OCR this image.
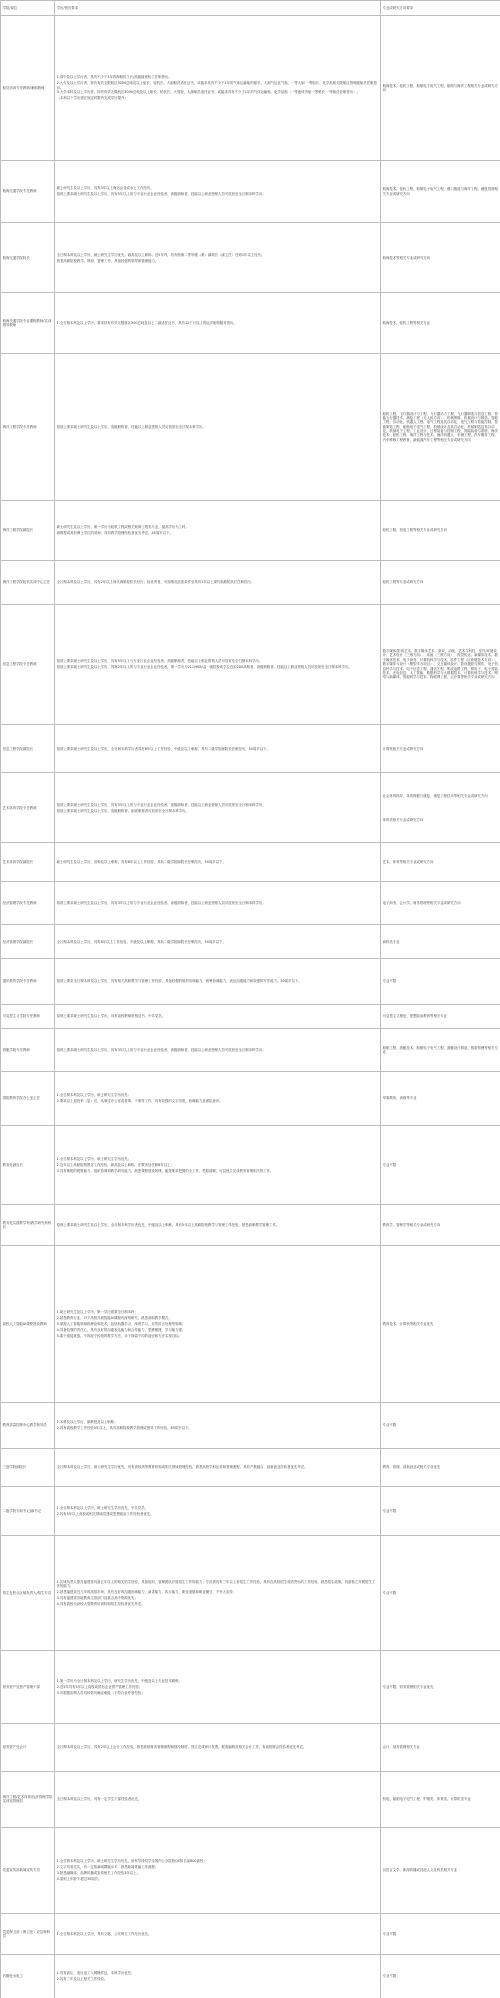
学院/岗位	学历/资历要求	专业或研究方向要求
船员培训专任教师/兼职教师	1.高中及以上学历者，具有不少于3年的海船机工长/高级值班机工任职资历。
2.大专及以上学历者，持有有效无限航区3000总吨及以上船长、轮机长、大副船员适任证书，或能求具有不少于1年的气体运输船的船长、大副气运化气船、一等大副 一等船长、化学品船无限航区管理级船员任职资历。
3.大学本科及以上学历者，持有有效无限航区3000总吨及以上船长、轮机长、大管轮，大副船员适任证书，或能求具有不少于1年的气体运输船，化学品船（一等液体货船一等船长 一等船员任职资历）。
（本科以下学历需在规定时限内完成学历提升）	航海技术、轮机工程、船舶电子电气工程、船舶与海洋工程相关专业或研究方向

航海交通学院专任教师	硕士研究生及以上学历，具有3年以上海运企业或水上工作经历。
原则上要求硕士研究生及以上学历，具有5年以上的与专业行业企业经验者、高级职称者，技能以上职业资格人员可放宽至全日制本科学历。	航海技术、轮机工程、船舶电子电气工程、港口航道与海岸工程、港航管理相关专业或研究方向

航海交通学院院长	全日制本科及以上学历、硕士研究生学历优先。副高及以上职称；近5年内，具有航海二等甲级（系）副职长（副主任）任职1年以上经历。
熟悉高职院校教学、科研、管理工作，具备较强的领导和管理能力。	航海技术等相关专业或研究方向

航海交通学院专业课程教师/实训指导教师	1.全日制本科及以上学历，要求持有有效无限航区500总吨及以上二副适任证书，具有12个月以上的远洋船舶服务资历。	航海技术、轮机工程等相关专业

海洋工程学院专任教师	原则上要求硕士研究生及以上学历，高级职称者、技能以上职业资格人员可放宽至全日制本科学历。	船机工程、飞行器设计与工程、飞行器动力工程、飞行器制造与信息工程、智能飞行器技术、测绘工程（无人机方向）、机械维修、机械设计与制造、智能工程、自动化、机器人工程、电气工程及其自动化、电气工程与智能控制、智能制造工程、船舶电子电气工程、机械设计及其自动化、机械制造及其自动化、机械电子工程、工业设计、过程装备与控制工程、智能装备与系统、海洋技术、轮机工程、海洋工程与技术、海洋机器人、车辆工程、汽车服务工程、汽车维修工程教育、新能源汽车工程等相关专业或研究方向

海洋工程学院副院长	硕士研究生及以上学历，第一学历为轮机工程或相关航海工程类专业，最高学历为工科。
副教授或具有博士学位的讲师；具有教学管理经验者优先考虑，45周岁以下。	轮机工程、机电工程等相关专业或研究方向

海洋工程学院轮机实训中心主任	全日制本科及以上学历，具有2年以上现代海船轮机长经历；较优秀者，可视情况放宽条件至具有1年以上现代船舶轮机长任职经历。	轮机工程等专业或研究方向

信息工程学院专任教师	原则上要求硕士研究生及以上学历，具有5年以上与专业行业企业经验者、高级职称者，技能以上职业资格人员可放宽至全日制本科学历。
原则上要求硕士研究生及以上学历，具有2年以上的与专业行业企业经验者，第一学历为211/985/双一流院校或学位在前200高校者，高级职称者、技能以上职业资格人员可放宽至全日制本科学历。	数字媒体/影视艺术、数字媒体艺术、游戏、动画、艺术与科技、室内/环境设计、艺术设计（三维方向）、动画（三维方向）、视觉传达、新媒体技术、数字媒体技术、电子商务、计算机科学与技术、软件工程（区块链技术方向）、数字媒体与设计（模型手办项目）、交互媒体设计、影视摄影与制作、电子信息科学与技术、电子信息工程、通信工程、集成电路工程、微电子、电子封装技术、光电信息、人工智能、数据科学与大数据技术、计算机科学与技术、网络与新媒体、智能科学与技术、物联网工程、云计算等相关专业或研究方向

信息工程学院副院长	原则上要求硕士研究生及以上学历，全日制本科学历者具有8年以上工作经验，中级及以上职称，具有二级学院副院长任职经历，50周岁以下。	计算机相关专业或研究方向

艺术体育学院专任教师	原则上要求硕士研究生及以上学历，具有3年以上的与专业行业企业经验者、高级职称者，技能以上职业资格人员可放宽至全日制本科学历。
原则上要求硕士研究生及以上学历，高级职称者，副高职称者可放宽至全日制本科学历。	社会体育指导、体育保健与康复、康复工程技术等相关专业或研究方向
体育类相关专业或研究方向

艺术体育学院副院长	硕士研究生及以上学历，讲师及以上职称，具有8年以上工作经验，具有二级学院副院长任职经历，50周岁以下。	艺术、体育等相关专业或研究方向

经济管理学院专任教师	原则上要求硕士研究生及以上学历，具有3年以上的与专业行业企业经验者、高级职称者，技能以上职业资格人员可放宽至全日制本科学历。	电子商务、会计学、财务管理等相关专业或研究方向

经济管理学院副院长	全日制本科及以上学历，具有8年以上工作经验，中级及以上职称，具有二级学院副院长任职经历，50周岁以下。	商科类专业

通识教育学院专任教师	原则上要求全日制本科及以上学历，具有相关高职教学与管理工作经验，具备较强的组织协调能力，统筹协调能力，表达沟通能力和较强的写作能力。50周岁以下。	专业不限

马克思主义学院专任教师	原则上要求硕士研究生及以上学历，具有高校教师资格证书，中共党员。	马克思主义理论、思想政治教育等相关专业

游艇学院专任教师	原则上要求硕士研究生及以上学历，具有3年以上的与专业行业企业经验者、高级职称者，技能以上职业资格人员可放宽至全日制本科学历。	船舶工程、游艇技术、船舶电子电气工程、游艇设计制造、旅游管理等相关专业

国防教育学院办公室主任	1.全日制本科及以上学历，硕士研究生学历优先；
2.要求以上退役军（复）员，从事过办公室或者事、干事等工作，具有较强的文字功底，协调能力及团队意识。	军事教育、训练等专业

教务处副处长	1.全日制本科及以上学历，硕士研究生学历优先；
2.近年以上高职院校教务工作经验，副高及以上职称，在教务处任职8年以上；
3.具有敏锐的观察能力、组织协调和教学研究能力，熟悉课程建设规律，能按要求把握的全工作，思路清晰，可以独立完成教务管理相关的工作。	专业不限

教务处实践教学科/教学研究科科长	原则上要求硕士研究生及以上学历，全日制本科学历者优先，中级及以上职称，具有5年以上高职院校教学与管理工作经验，熟悉高职教学管理工作。	教育学、管理学等相关专业或研究方向

高校人工智能AI课程建设教师	1.硕士研究生及以上学历，第一学历需要全日制本科；
2.熟悉教育行业，对于高校开展智能AI课程有深刻研究，熟悉高职教学模式；
3.掌握人工智能领域的理论和技术，包括机器学习，深度学习，自然语言处理等领域；
4.具备较强的责任心，具有良好的沟通表达能力和合作能力，思维敏捷，学习能力强；
5.敢于迎接挑战，不拘泥于传统的教学方法，乐于探索不同的途径和方法实现目标。	教育技术、计算机等相关专业优先

教育质量控制中心教学督导员	1.本科及以上学历，副教授及以上职称；
2.具有高校教学工作经验5年以上，具有高职院校教学管理或督导工作经验，65周岁以下。	专业不限

三创学院副院长	全日制本科及以上学历，硕士研究生学历优先，具有高校高等教育机构或相关领域管理经验，熟悉高校学科运作和管理流程，具有产教融合、创新创业经验者优先考虑。	教育、管理、创新创业或相关专业优先

二级学院专职书记/副书记	1.全日制本科及以上学历，硕士研究生学历优先，中共党员；
2.具有5年以上高校或相关领域党建或思想政治工作经验者优先。	专业不限

招生处驻点区域负责人/招生专员	1.区域负责人需在福建省具备五年以上的相关招生经验，具备组织，管理团队开展招生工作的能力；专员需具有三年以上省招生工作经验，具有在高校招生成绩突出的工作经验，熟悉招生政策，具备独立开展招生工作的能力；
2.熟悉福建省近几年的高招市场，具有良好的沟通协调能力，演讲能力，执行能力，职业道德和职业操守，不夸大宣传；
3.具有福建省各地教育主管部门及重点高中资源优先；
4.具有我校为高校大型教育培训机构招生经验者优先考虑。	专业不限

财务资产处资产管理干部	1.第一学历为全日制本科及以上学历，研究生学历优先，中级及以上专业技术职称；
2.近5年具有5年以上高校或国有企业资产管理工作经验；
3.可根据应聘人员具体资历确定职级（不符合条件者勿扰）	专业不限，财务管理相关专业优先

财务资产处会计	全日制本科及以上学历，具有2年以上会计工作经验，熟悉高校财务管理流程和财经制度，独立完成审计发票，报表编制及相关会计工作，有高校财会经验者优先考虑。	会计、财务管理相关专业

海洋工程/艺术体育/经济管理学院实训室管理员	全日制本科及以上学历，具有一定学生干部经验者优先。	机电、船舶电子电气工程、护理类、体育类、计算机类专业

党委宣传部新闻宣传专员	1.全日制本科及以上学历，硕士研究生学历优先，所有学段均学全国内公办院校QS排名前800高校；
2.文字功底扎实，有一定的新闻撰稿水平，熟悉新闻采编工作流程；
3.熟悉融媒体、品牌传播或宣传相关工作经验3年以上；
4.原则上年龄不超过35周岁。	汉语言文学、新闻传播或其他人文社科类相关专业

党委保卫部（保卫处）应急科科员	1.全日制本科及以上学历，具有文秘、公安保卫工作经历优先。	专业不限

后勤处水电工	1.具有高压、低压电工入网操作证，本科学历优先；
2.具有三年及以上相关工作经验。	专业不限
